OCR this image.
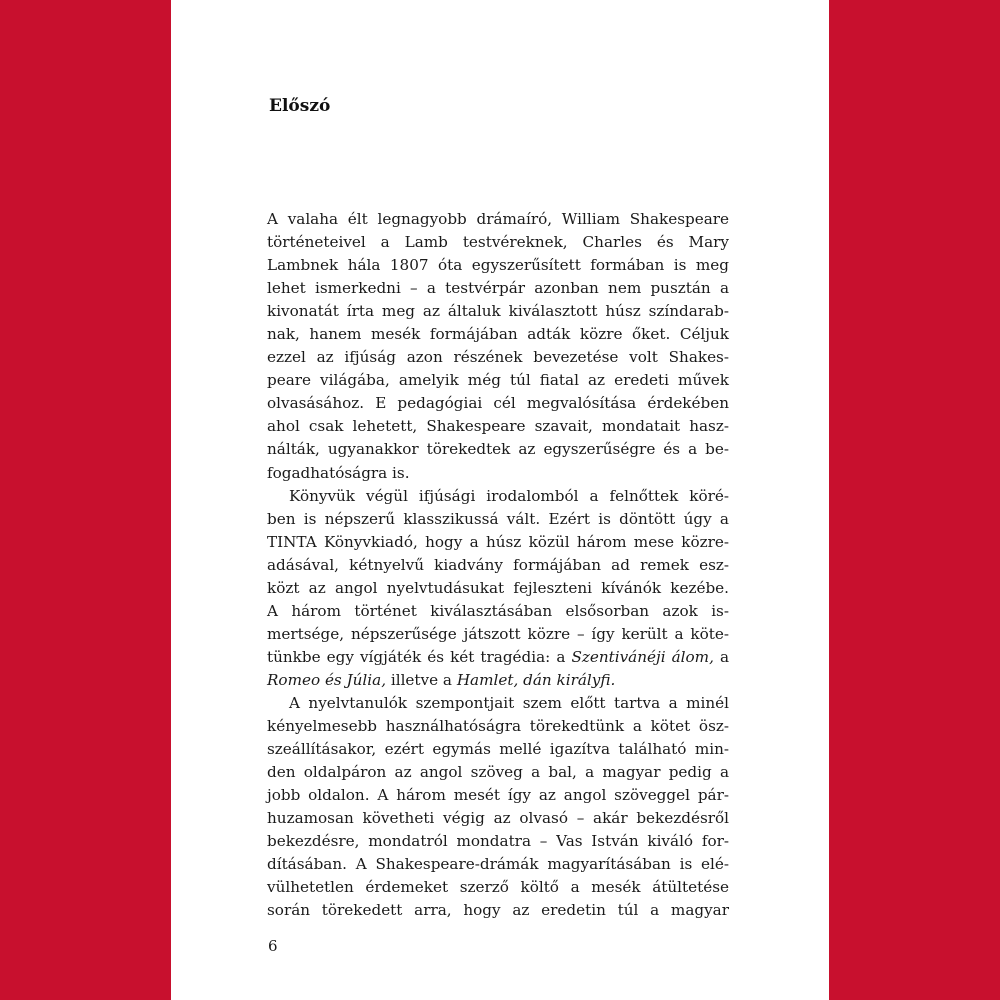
Előszó
A valaha élt legnagyobb drámaíró, William Shakespeare
történeteivel a Lamb testvéreknek, Charles és Mary
Lambnek hála 1807 óta egyszerűsített formában is meg
lehet ismerkedni – a testvérpár azonban nem pusztán a
kivonatát írta meg az általuk kiválasztott húsz színdarab-
nak, hanem mesék formájában adták közre őket. Céljuk
ezzel az ifjúság azon részének bevezetése volt Shakes-
peare világába, amelyik még túl fiatal az eredeti művek
olvasásához. E pedagógiai cél megvalósítása érdekében
ahol csak lehetett, Shakespeare szavait, mondatait hasz-
nálták, ugyanakkor törekedtek az egyszerűségre és a be-
fogadhatóságra is.
Könyvük végül ifjúsági irodalomból a felnőttek köré-
ben is népszerű klasszikussá vált. Ezért is döntött úgy a
TINTA Könyvkiadó, hogy a húsz közül három mese közre-
adásával, kétnyelvű kiadvány formájában ad remek esz-
közt az angol nyelvtudásukat fejleszteni kívánók kezébe.
A három történet kiválasztásában elsősorban azok is-
mertsége, népszerűsége játszott közre – így került a köte-
tünkbe egy vígjáték és két tragédia: a Szentivánéji álom, a
Romeo és Júlia, illetve a Hamlet, dán királyfi.
A nyelvtanulók szempontjait szem előtt tartva a minél
kényelmesebb használhatóságra törekedtünk a kötet ösz-
szeállításakor, ezért egymás mellé igazítva található min-
den oldalpáron az angol szöveg a bal, a magyar pedig a
jobb oldalon. A három mesét így az angol szöveggel pár-
huzamosan követheti végig az olvasó – akár bekezdésről
bekezdésre, mondatról mondatra – Vas István kiváló for-
dításában. A Shakespeare-drámák magyarításában is elé-
vülhetetlen érdemeket szerző költő a mesék átültetése
során törekedett arra, hogy az eredetin túl a magyar
6
